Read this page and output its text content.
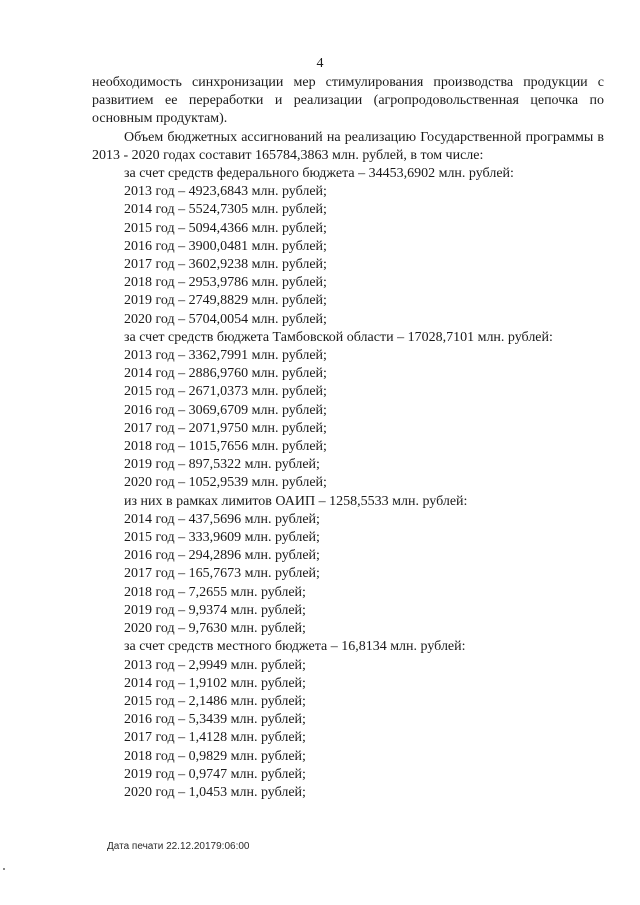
4
необходимость синхронизации мер стимулирования производства продукции с развитием ее переработки и реализации (агропродовольственная цепочка по основным продуктам).
Объем бюджетных ассигнований на реализацию Государственной программы в 2013 - 2020 годах составит 165784,3863 млн. рублей, в том числе:
за счет средств федерального бюджета – 34453,6902 млн. рублей:
2013 год – 4923,6843 млн. рублей;
2014 год – 5524,7305 млн. рублей;
2015 год – 5094,4366 млн. рублей;
2016 год – 3900,0481 млн. рублей;
2017 год – 3602,9238 млн. рублей;
2018 год – 2953,9786 млн. рублей;
2019 год – 2749,8829 млн. рублей;
2020 год – 5704,0054 млн. рублей;
за счет средств бюджета Тамбовской области – 17028,7101 млн. рублей:
2013 год – 3362,7991 млн. рублей;
2014 год – 2886,9760 млн. рублей;
2015 год – 2671,0373 млн. рублей;
2016 год – 3069,6709 млн. рублей;
2017 год – 2071,9750 млн. рублей;
2018 год – 1015,7656 млн. рублей;
2019 год – 897,5322 млн. рублей;
2020 год – 1052,9539 млн. рублей;
из них в рамках лимитов ОАИП – 1258,5533 млн. рублей:
2014 год – 437,5696 млн. рублей;
2015 год – 333,9609 млн. рублей;
2016 год – 294,2896 млн. рублей;
2017 год – 165,7673 млн. рублей;
2018 год – 7,2655 млн. рублей;
2019 год – 9,9374 млн. рублей;
2020 год – 9,7630 млн. рублей;
за счет средств местного бюджета – 16,8134 млн. рублей:
2013 год – 2,9949 млн. рублей;
2014 год – 1,9102 млн. рублей;
2015 год – 2,1486 млн. рублей;
2016 год – 5,3439 млн. рублей;
2017 год – 1,4128 млн. рублей;
2018 год – 0,9829 млн. рублей;
2019 год – 0,9747 млн. рублей;
2020 год – 1,0453 млн. рублей;
Дата печати 22.12.20179:06:00
